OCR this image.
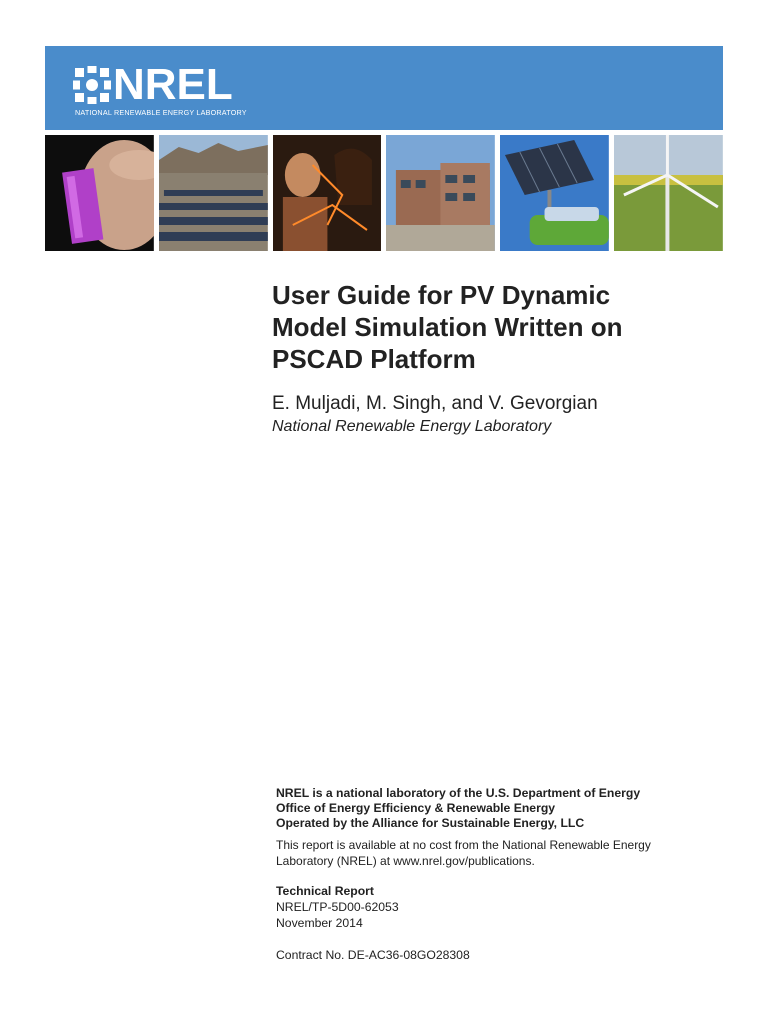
NREL
NATIONAL RENEWABLE ENERGY LABORATORY
User Guide for PV Dynamic
Model Simulation Written on
PSCAD Platform
E. Muljadi, M. Singh, and V. Gevorgian
National Renewable Energy Laboratory
NREL is a national laboratory of the U.S. Department of Energy
Office of Energy Efficiency & Renewable Energy
Operated by the Alliance for Sustainable Energy, LLC
This report is available at no cost from the National Renewable Energy
Laboratory (NREL) at www.nrel.gov/publications.
Technical Report
NREL/TP-5D00-62053
November 2014
Contract No. DE-AC36-08GO28308
